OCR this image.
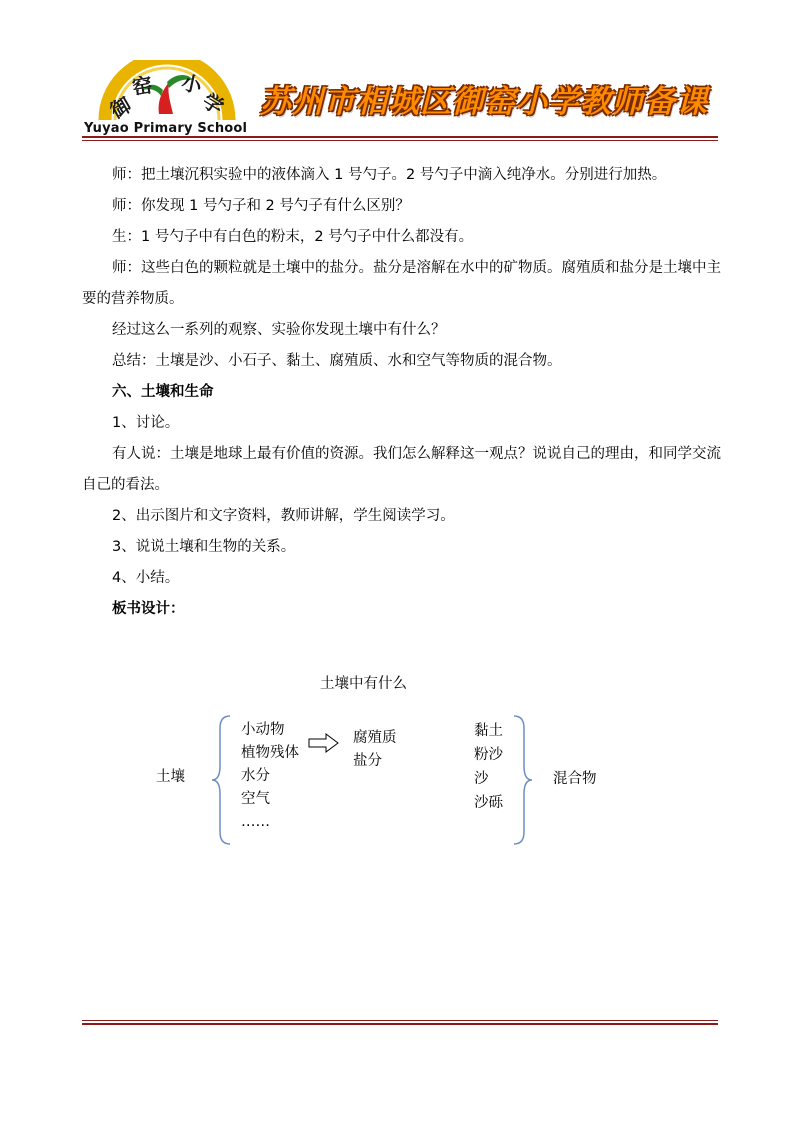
御
窑 小
学
Yuyao Primary School
苏州市相城区御窑小学教师备课

师：把土壤沉积实验中的液体滴入 1 号勺子。2 号勺子中滴入纯净水。分别进行加热。

师：你发现 1 号勺子和 2 号勺子有什么区别？

生：1 号勺子中有白色的粉末，2 号勺子中什么都没有。

师：这些白色的颗粒就是土壤中的盐分。盐分是溶解在水中的矿物质。腐殖质和盐分是土壤中主要的营养物质。

经过这么一系列的观察、实验你发现土壤中有什么？

总结：土壤是沙、小石子、黏土、腐殖质、水和空气等物质的混合物。

六、土壤和生命

1、讨论。

有人说：土壤是地球上最有价值的资源。我们怎么解释这一观点？说说自己的理由，和同学交流自己的看法。

2、出示图片和文字资料，教师讲解，学生阅读学习。

3、说说土壤和生物的关系。

4、小结。

板书设计：

土壤中有什么
土壤
小动物
植物残体
水分
空气
……
腐殖质
盐分
黏土
粉沙
沙
沙砾
混合物
